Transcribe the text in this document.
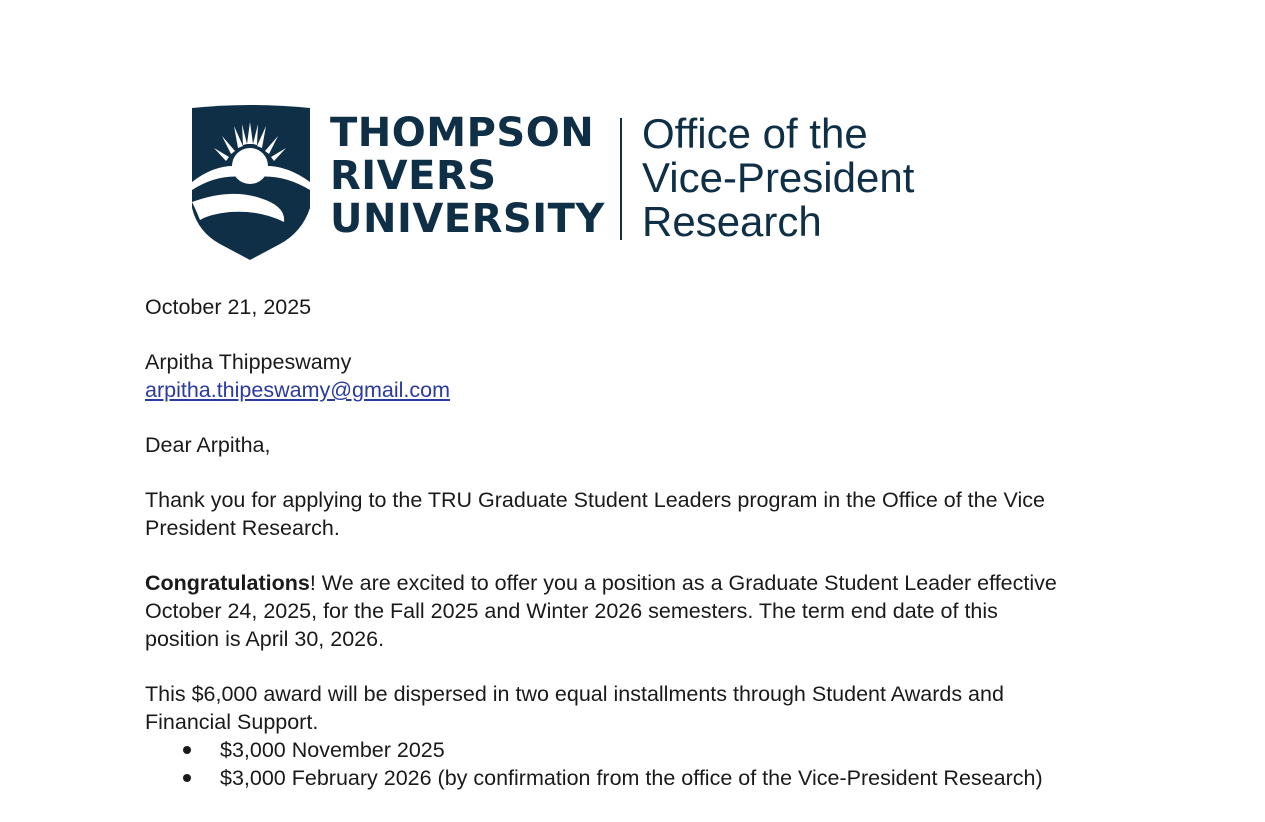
THOMPSON
RIVERS
UNIVERSITY
Office of the
Vice-President
Research

October 21, 2025

Arpitha Thippeswamy

arpitha.thipeswamy@gmail.com

Dear Arpitha,

Thank you for applying to the TRU Graduate Student Leaders program in the Office of the Vice

President Research.

Congratulations! We are excited to offer you a position as a Graduate Student Leader effective

October 24, 2025, for the Fall 2025 and Winter 2026 semesters. The term end date of this

position is April 30, 2026.

This $6,000 award will be dispersed in two equal installments through Student Awards and

Financial Support.

$3,000 November 2025
$3,000 February 2026 (by confirmation from the office of the Vice-President Research)
